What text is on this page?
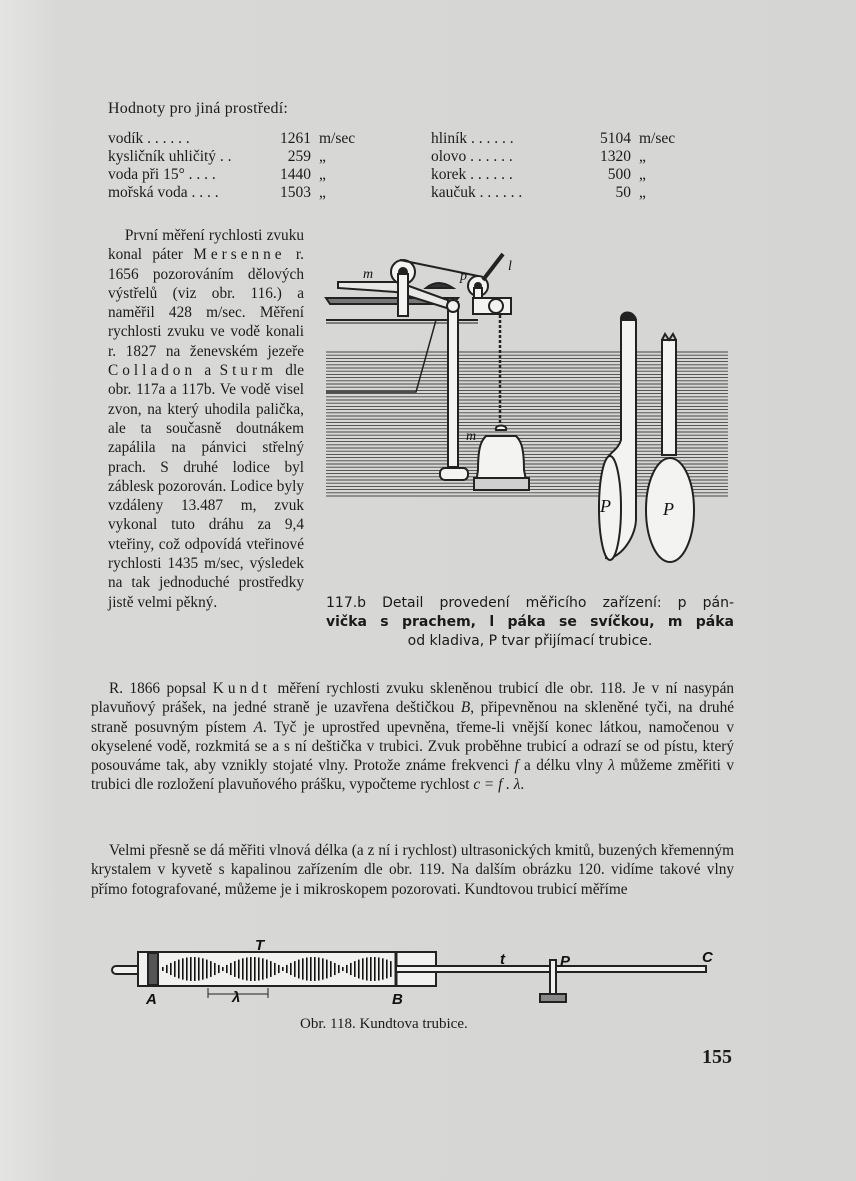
Hodnoty pro jiná prostředí:
vodík . . . . . .	1261 m/sec
kysličník uhličitý . .	259 „
voda při 15° . . . .	1440 „
mořská voda . . . .	1503 „
hliník . . . . . .	5104 m/sec
olovo . . . . . .	1320 „
korek . . . . . .	500 „
kaučuk . . . . . .	50 „
První měření rychlosti zvuku konal páter Mersenne r. 1656 pozorováním dělových výstřelů (viz obr. 116.) a naměřil 428 m/sec. Měření rychlosti zvuku ve vodě konali r. 1827 na ženevském jezeře Colladon a Sturm dle obr. 117a a 117b. Ve vodě visel zvon, na který uhodila palička, ale ta současně doutnákem zapálila na pánvici střelný prach. S druhé lodice byl záblesk pozorován. Lodice byly vzdáleny 13.487 m, zvuk vykonal tuto dráhu za 9,4 vteřiny, což odpovídá vteřinové rychlosti 1435 m/sec, výsledek na tak jednoduché prostředky jistě velmi pěkný.
m	p
l
m
P	P
117.b Detail provedení měřicího zařízení: p pán-
vička s prachem, l páka se svíčkou, m páka
od kladiva, P tvar přijímací trubice.
R. 1866 popsal Kundt měření rychlosti zvuku skleněnou trubicí dle obr. 118. Je v ní nasypán plavuňový prášek, na jedné straně je uzavřena deštičkou B, připevněnou na skleněné tyči, na druhé straně posuvným pístem A. Tyč je uprostřed upevněna, třeme-li vnější konec látkou, namočenou v okyselené vodě, rozkmitá se a s ní deštička v trubici. Zvuk proběhne trubicí a odrazí se od pístu, který posouváme tak, aby vznikly stojaté vlny. Protože známe frekvenci f a délku vlny λ můžeme změřiti v trubici dle rozložení plavuňového prášku, vypočteme rychlost c = f . λ.
Velmi přesně se dá měřiti vlnová délka (a z ní i rychlost) ultrasonických kmitů, buzených křemenným krystalem v kyvetě s kapalinou zařízením dle obr. 119. Na dalším obrázku 120. vidíme takové vlny přímo fotografované, můžeme je i mikroskopem pozorovati. Kundtovou trubicí měříme
T
t	P	C
A	B
λ
Obr. 118. Kundtova trubice.
155
